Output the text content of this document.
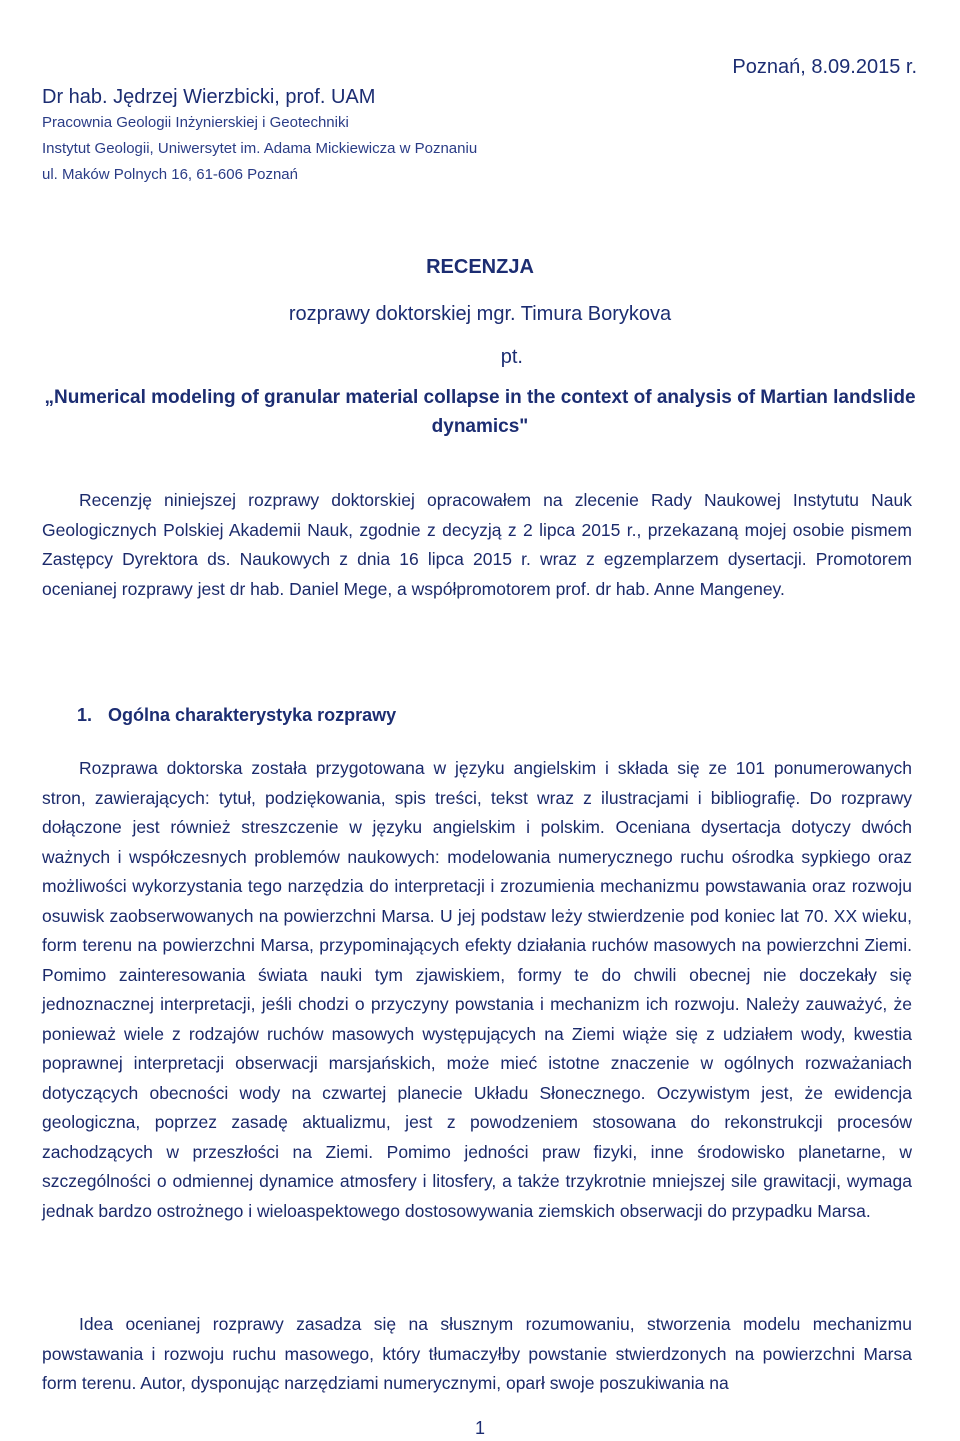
Dr hab. Jędrzej Wierzbicki, prof. UAM
Pracownia Geologii Inżynierskiej i Geotechniki
Instytut Geologii, Uniwersytet im. Adama Mickiewicza w Poznaniu
ul. Maków Polnych 16, 61-606 Poznań
Poznań, 8.09.2015 r.
RECENZJA
rozprawy doktorskiej mgr. Timura Borykova
pt.
„Numerical modeling of granular material collapse in the context of analysis of Martian landslide dynamics"

Recenzję niniejszej rozprawy doktorskiej opracowałem na zlecenie Rady Naukowej Instytutu Nauk Geologicznych Polskiej Akademii Nauk, zgodnie z decyzją z 2 lipca 2015 r., przekazaną mojej osobie pismem Zastępcy Dyrektora ds. Naukowych z dnia 16 lipca 2015 r. wraz z egzemplarzem dysertacji. Promotorem ocenianej rozprawy jest dr hab. Daniel Mege, a współpromotorem prof. dr hab. Anne Mangeney.

1. Ogólna charakterystyka rozprawy

Rozprawa doktorska została przygotowana w języku angielskim i składa się ze 101 ponumerowanych stron, zawierających: tytuł, podziękowania, spis treści, tekst wraz z ilustracjami i bibliografię. Do rozprawy dołączone jest również streszczenie w języku angielskim i polskim. Oceniana dysertacja dotyczy dwóch ważnych i współczesnych problemów naukowych: modelowania numerycznego ruchu ośrodka sypkiego oraz możliwości wykorzystania tego narzędzia do interpretacji i zrozumienia mechanizmu powstawania oraz rozwoju osuwisk zaobserwowanych na powierzchni Marsa. U jej podstaw leży stwierdzenie pod koniec lat 70. XX wieku, form terenu na powierzchni Marsa, przypominających efekty działania ruchów masowych na powierzchni Ziemi. Pomimo zainteresowania świata nauki tym zjawiskiem, formy te do chwili obecnej nie doczekały się jednoznacznej interpretacji, jeśli chodzi o przyczyny powstania i mechanizm ich rozwoju. Należy zauważyć, że ponieważ wiele z rodzajów ruchów masowych występujących na Ziemi wiąże się z udziałem wody, kwestia poprawnej interpretacji obserwacji marsjańskich, może mieć istotne znaczenie w ogólnych rozważaniach dotyczących obecności wody na czwartej planecie Układu Słonecznego. Oczywistym jest, że ewidencja geologiczna, poprzez zasadę aktualizmu, jest z powodzeniem stosowana do rekonstrukcji procesów zachodzących w przeszłości na Ziemi. Pomimo jedności praw fizyki, inne środowisko planetarne, w szczególności o odmiennej dynamice atmosfery i litosfery, a także trzykrotnie mniejszej sile grawitacji, wymaga jednak bardzo ostrożnego i wieloaspektowego dostosowywania ziemskich obserwacji do przypadku Marsa.

Idea ocenianej rozprawy zasadza się na słusznym rozumowaniu, stworzenia modelu mechanizmu powstawania i rozwoju ruchu masowego, który tłumaczyłby powstanie stwierdzonych na powierzchni Marsa form terenu. Autor, dysponując narzędziami numerycznymi, oparł swoje poszukiwania na

1
